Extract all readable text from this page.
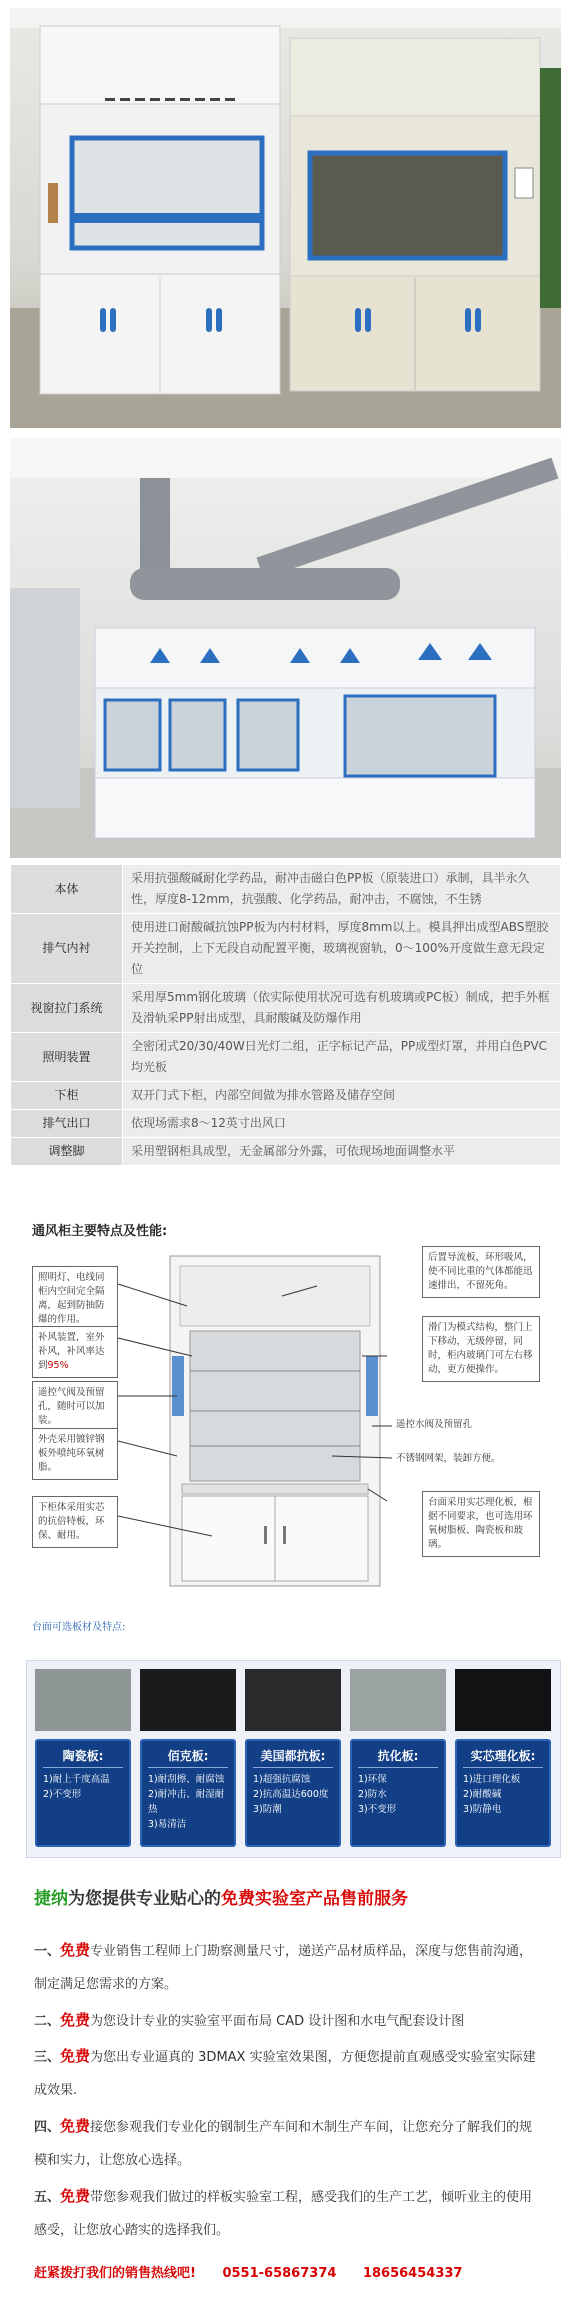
本体	采用抗强酸碱耐化学药品，耐冲击磁白色PP板（原装进口）承制，具半永久性，厚度8-12mm，抗强酸、化学药品，耐冲击，不腐蚀，不生锈
排气内衬	使用进口耐酸碱抗蚀PP板为内村材料，厚度8mm以上。模具押出成型ABS塑胶开关控制，上下无段自动配置平衡，玻璃视窗轨，0～100%开度做生意无段定位
视窗拉门系统	采用厚5mm钢化玻璃（依实际使用状况可选有机玻璃或PC板）制成，把手外框及滑轨采PP射出成型，具耐酸碱及防爆作用
照明装置	全密闭式20/30/40W日光灯二组，正字标记产品，PP成型灯罩，并用白色PVC均光板
下柜	双开门式下柜，内部空间做为排水管路及储存空间
排气出口	依现场需求8～12英寸出风口
调整脚	采用塑钢柜具成型，无金属部分外露，可依现场地面调整水平
通风柜主要特点及性能:
照明灯、电线同柜内空间完全隔离，起到防抽防爆的作用。
补风装置，室外补风，补风率达到95%
遥控气阀及预留孔，随时可以加装。
外壳采用镀锌钢板外喷纯环氧树脂。
下柜体采用实芯的抗倍特板，环保、耐用。
后置导流板，环形吸风，使不同比重的气体都能迅速排出，不留死角。
滑门为模式结构，整门上下移动，无级停留，同时，柜内玻璃门可左右移动，更方便操作。
遥控水阀及预留孔
不锈钢网架，装卸方便。
台面采用实芯理化板，根据不同要求，也可选用环氧树脂板、陶瓷板和玻璃。
台面可选板材及特点:
陶瓷板:
1)耐上千度高温
2)不变形
佰克板:
1)耐刮擦、耐腐蚀
2)耐冲击、耐湿耐热
3)易清洁
美国都抗板:
1)超强抗腐蚀
2)抗高温达600度
3)防潮
抗化板:
1)环保
2)防水
3)不变形
实芯理化板:
1)进口理化板
2)耐酸碱
3)防静电
捷纳为您提供专业贴心的免费实验室产品售前服务
一、免费专业销售工程师上门勘察测量尺寸，递送产品材质样品，深度与您售前沟通，制定满足您需求的方案。
二、免费为您设计专业的实验室平面布局 CAD 设计图和水电气配套设计图
三、免费为您出专业逼真的 3DMAX 实验室效果图，方便您提前直观感受实验室实际建成效果.
四、免费接您参观我们专业化的钢制生产车间和木制生产车间，让您充分了解我们的规模和实力，让您放心选择。
五、免费带您参观我们做过的样板实验室工程，感受我们的生产工艺，倾听业主的使用感受，让您放心踏实的选择我们。
赶紧拨打我们的销售热线吧! 0551-65867374 18656454337
